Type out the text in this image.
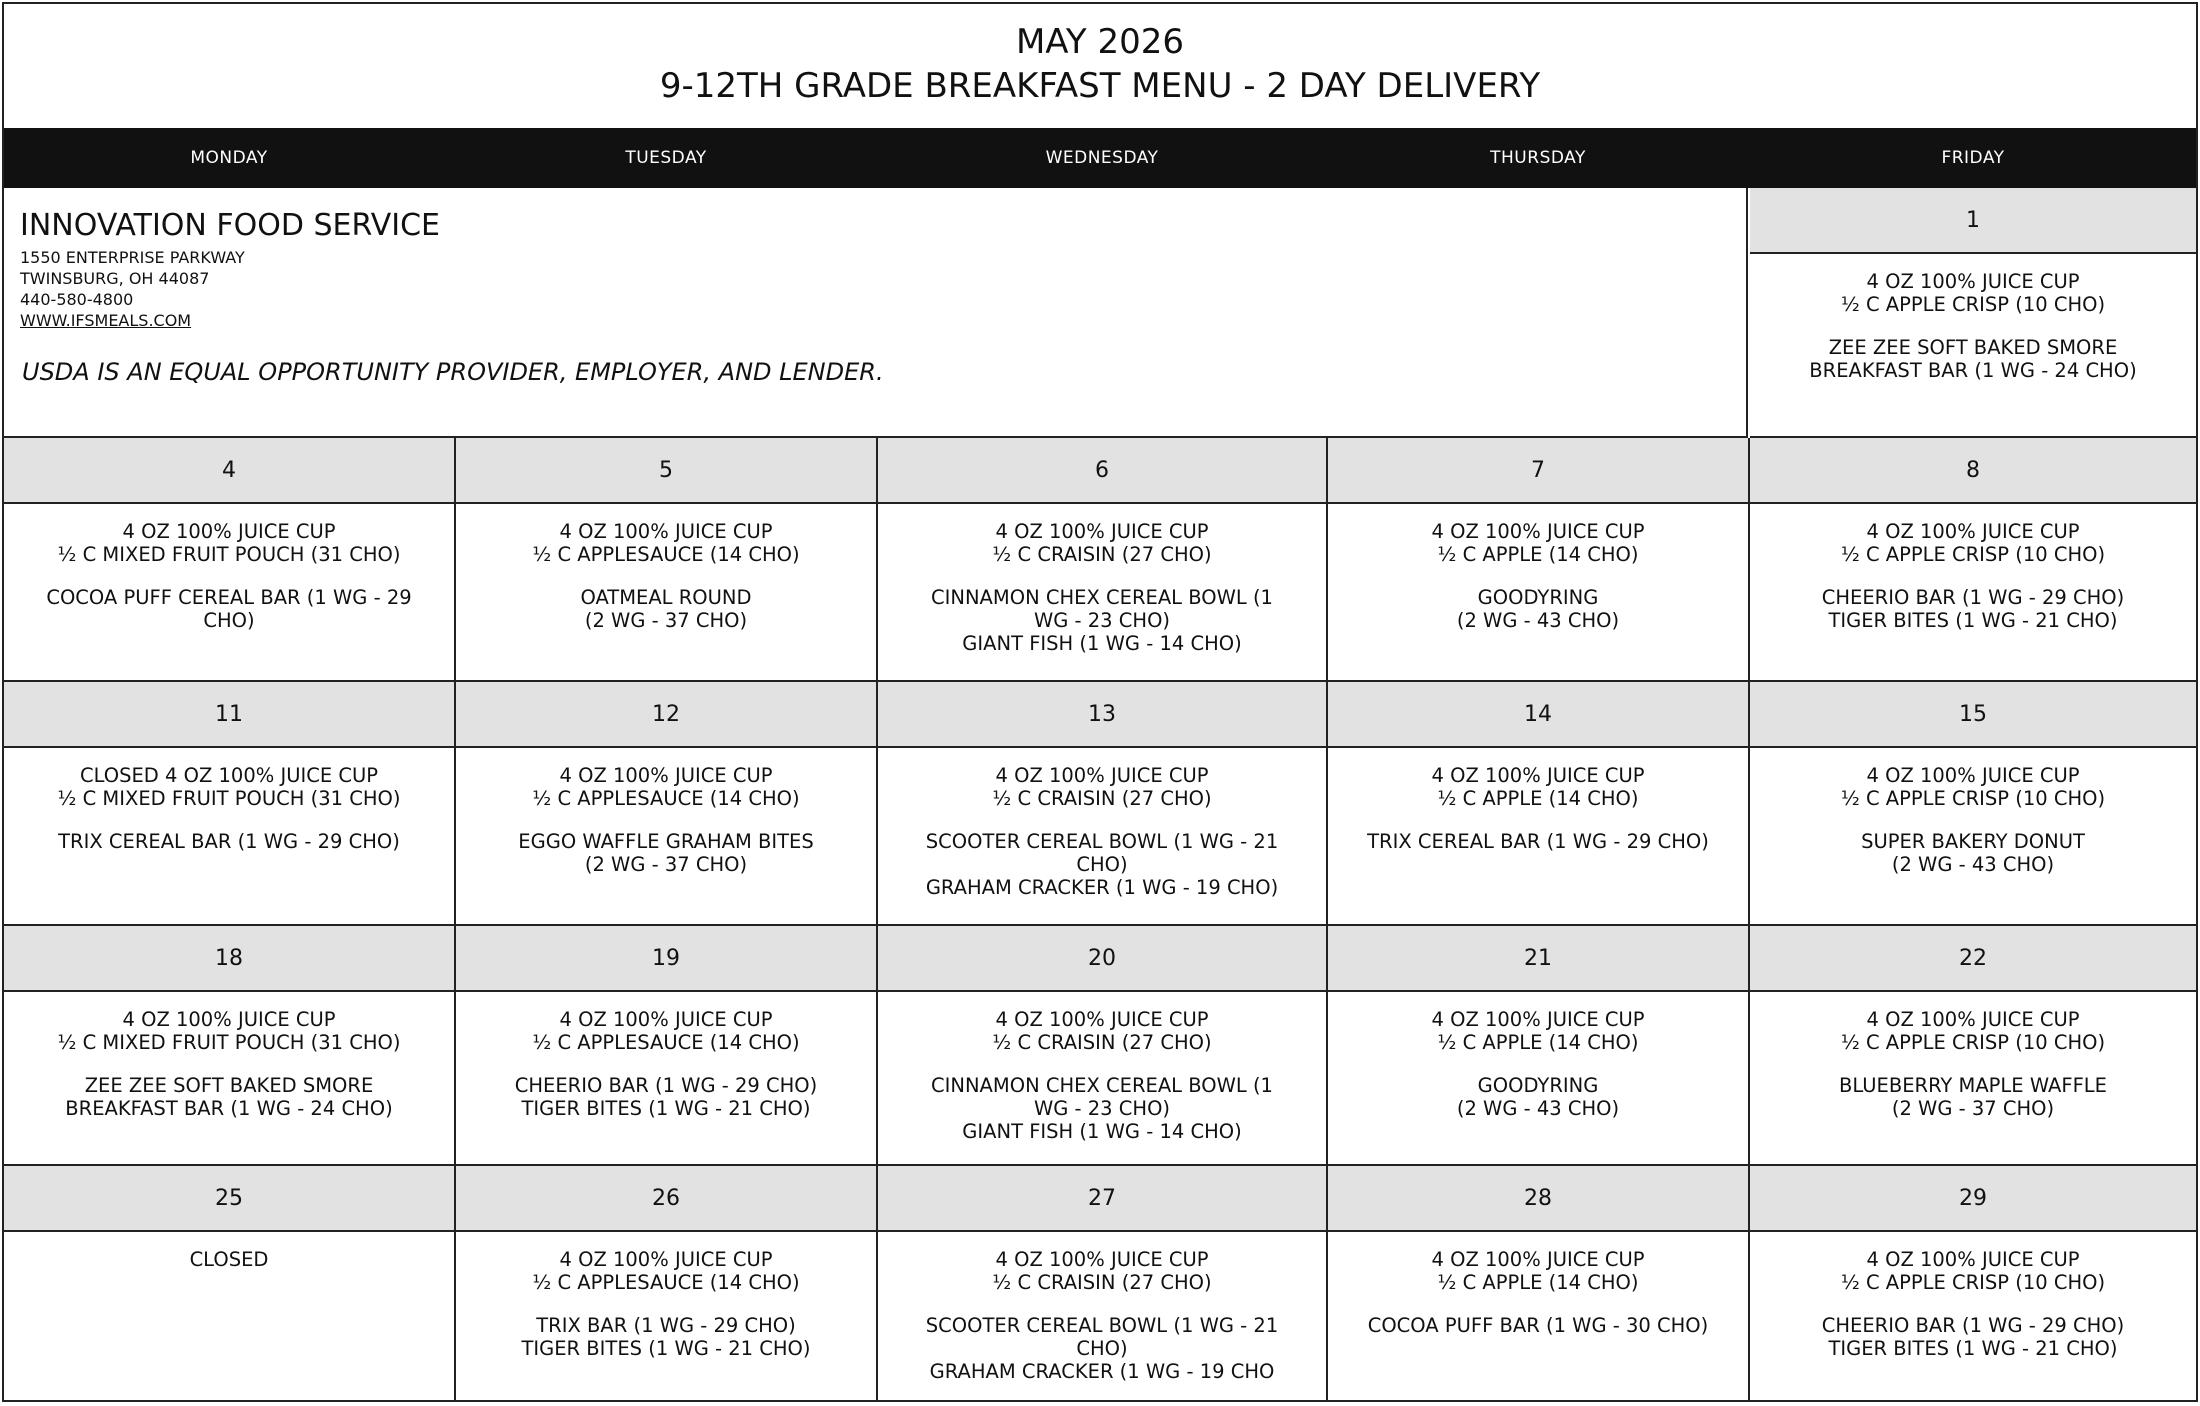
MAY 2026
9-12TH GRADE BREAKFAST MENU - 2 DAY DELIVERY
MONDAY	TUESDAY	WEDNESDAY	THURSDAY	FRIDAY
INNOVATION FOOD SERVICE
1550 ENTERPRISE PARKWAY
TWINSBURG, OH 44087
440-580-4800
WWW.IFSMEALS.COM
USDA IS AN EQUAL OPPORTUNITY PROVIDER, EMPLOYER, AND LENDER.
1
4 OZ 100% JUICE CUP
½ C APPLE CRISP (10 CHO)
ZEE ZEE SOFT BAKED SMORE
BREAKFAST BAR (1 WG - 24 CHO)
4
4 OZ 100% JUICE CUP
½ C MIXED FRUIT POUCH (31 CHO)
COCOA PUFF CEREAL BAR (1 WG - 29
CHO)
5
4 OZ 100% JUICE CUP
½ C APPLESAUCE (14 CHO)
OATMEAL ROUND
(2 WG - 37 CHO)
6
4 OZ 100% JUICE CUP
½ C CRAISIN (27 CHO)
CINNAMON CHEX CEREAL BOWL (1
WG - 23 CHO)
GIANT FISH (1 WG - 14 CHO)
7
4 OZ 100% JUICE CUP
½ C APPLE (14 CHO)
GOODYRING
(2 WG - 43 CHO)
8
4 OZ 100% JUICE CUP
½ C APPLE CRISP (10 CHO)
CHEERIO BAR (1 WG - 29 CHO)
TIGER BITES (1 WG - 21 CHO)
11
CLOSED 4 OZ 100% JUICE CUP
½ C MIXED FRUIT POUCH (31 CHO)
TRIX CEREAL BAR (1 WG - 29 CHO)
12
4 OZ 100% JUICE CUP
½ C APPLESAUCE (14 CHO)
EGGO WAFFLE GRAHAM BITES
(2 WG - 37 CHO)
13
4 OZ 100% JUICE CUP
½ C CRAISIN (27 CHO)
SCOOTER CEREAL BOWL (1 WG - 21
CHO)
GRAHAM CRACKER (1 WG - 19 CHO)
14
4 OZ 100% JUICE CUP
½ C APPLE (14 CHO)
TRIX CEREAL BAR (1 WG - 29 CHO)
15
4 OZ 100% JUICE CUP
½ C APPLE CRISP (10 CHO)
SUPER BAKERY DONUT
(2 WG - 43 CHO)
18
4 OZ 100% JUICE CUP
½ C MIXED FRUIT POUCH (31 CHO)
ZEE ZEE SOFT BAKED SMORE
BREAKFAST BAR (1 WG - 24 CHO)
19
4 OZ 100% JUICE CUP
½ C APPLESAUCE (14 CHO)
CHEERIO BAR (1 WG - 29 CHO)
TIGER BITES (1 WG - 21 CHO)
20
4 OZ 100% JUICE CUP
½ C CRAISIN (27 CHO)
CINNAMON CHEX CEREAL BOWL (1
WG - 23 CHO)
GIANT FISH (1 WG - 14 CHO)
21
4 OZ 100% JUICE CUP
½ C APPLE (14 CHO)
GOODYRING
(2 WG - 43 CHO)
22
4 OZ 100% JUICE CUP
½ C APPLE CRISP (10 CHO)
BLUEBERRY MAPLE WAFFLE
(2 WG - 37 CHO)
25
CLOSED
26
4 OZ 100% JUICE CUP
½ C APPLESAUCE (14 CHO)
TRIX BAR (1 WG - 29 CHO)
TIGER BITES (1 WG - 21 CHO)
27
4 OZ 100% JUICE CUP
½ C CRAISIN (27 CHO)
SCOOTER CEREAL BOWL (1 WG - 21
CHO)
GRAHAM CRACKER (1 WG - 19 CHO
28
4 OZ 100% JUICE CUP
½ C APPLE (14 CHO)
COCOA PUFF BAR (1 WG - 30 CHO)
29
4 OZ 100% JUICE CUP
½ C APPLE CRISP (10 CHO)
CHEERIO BAR (1 WG - 29 CHO)
TIGER BITES (1 WG - 21 CHO)
